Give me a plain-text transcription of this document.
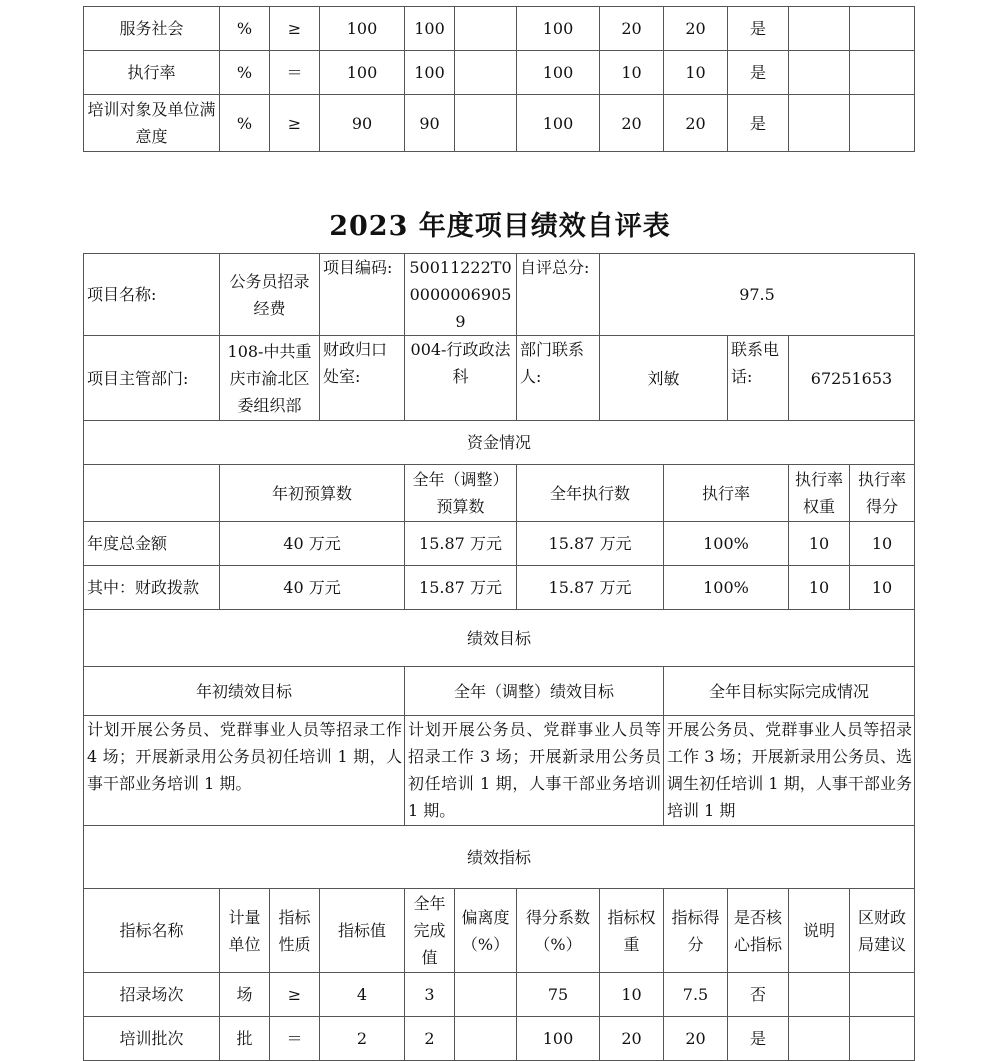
服务社会	%	≥	100	100		100	20	20	是		
执行率	%	＝	100	100		100	10	10	是		
培训对象及单位满意度	%	≥	90	90		100	20	20	是		
2023 年度项目绩效自评表
项目名称:	公务员招录经费		项目编码:	50011222T000000069059		自评总分:	97.5				
项目主管部门:	108-中共重庆市渝北区委组织部		财政归口处室:	004-行政政法科		部门联系人:	刘敏		联系电话:	67251653	
资金情况											
	年初预算数			全年（调整）预算数		全年执行数		执行率		执行率权重	执行率得分
年度总金额	40 万元			15.87 万元		15.87 万元		100%		10	10
其中：财政拨款	40 万元			15.87 万元		15.87 万元		100%		10	10
绩效目标											
年初绩效目标				全年（调整）绩效目标				全年目标实际完成情况			
计划开展公务员、党群事业人员等招录工作 4 场；开展新录用公务员初任培训 1 期，人事干部业务培训 1 期。				计划开展公务员、党群事业人员等招录工作 3 场；开展新录用公务员初任培训 1 期，人事干部业务培训 1 期。				开展公务员、党群事业人员等招录工作 3 场；开展新录用公务员、选调生初任培训 1 期，人事干部业务培训 1 期			
绩效指标											
指标名称	计量单位	指标性质	指标值	全年完成值	偏离度（%）	得分系数（%）	指标权重	指标得分	是否核心指标	说明	区财政局建议
招录场次	场	≥	4	3		75	10	7.5	否		
培训批次	批	＝	2	2		100	20	20	是		
